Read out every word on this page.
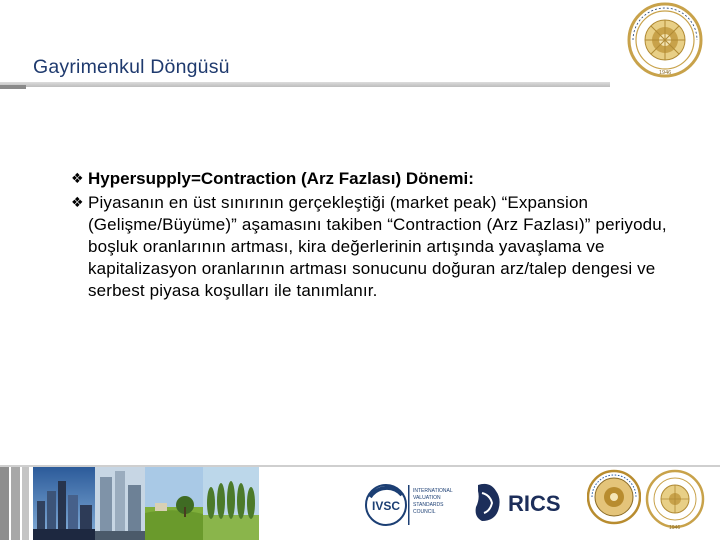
Gayrimenkul Döngüsü	1946
❖ Hypersupply=Contraction (Arz Fazlası) Dönemi:
❖ Piyasanın en üst sınırının gerçekleştiği (market peak) “Expansion (Gelişme/Büyüme)” aşamasını takiben “Contraction (Arz Fazlası)” periyodu, boşluk oranlarının artması, kira değerlerinin artışında yavaşlama ve kapitalizasyon oranlarının artması sonucunu doğuran arz/talep dengesi ve serbest piyasa koşulları ile tanımlanır.
IVSC
INTERNATIONAL
VALUATION
STANDARDS
COUNCIL	RICS
1946
